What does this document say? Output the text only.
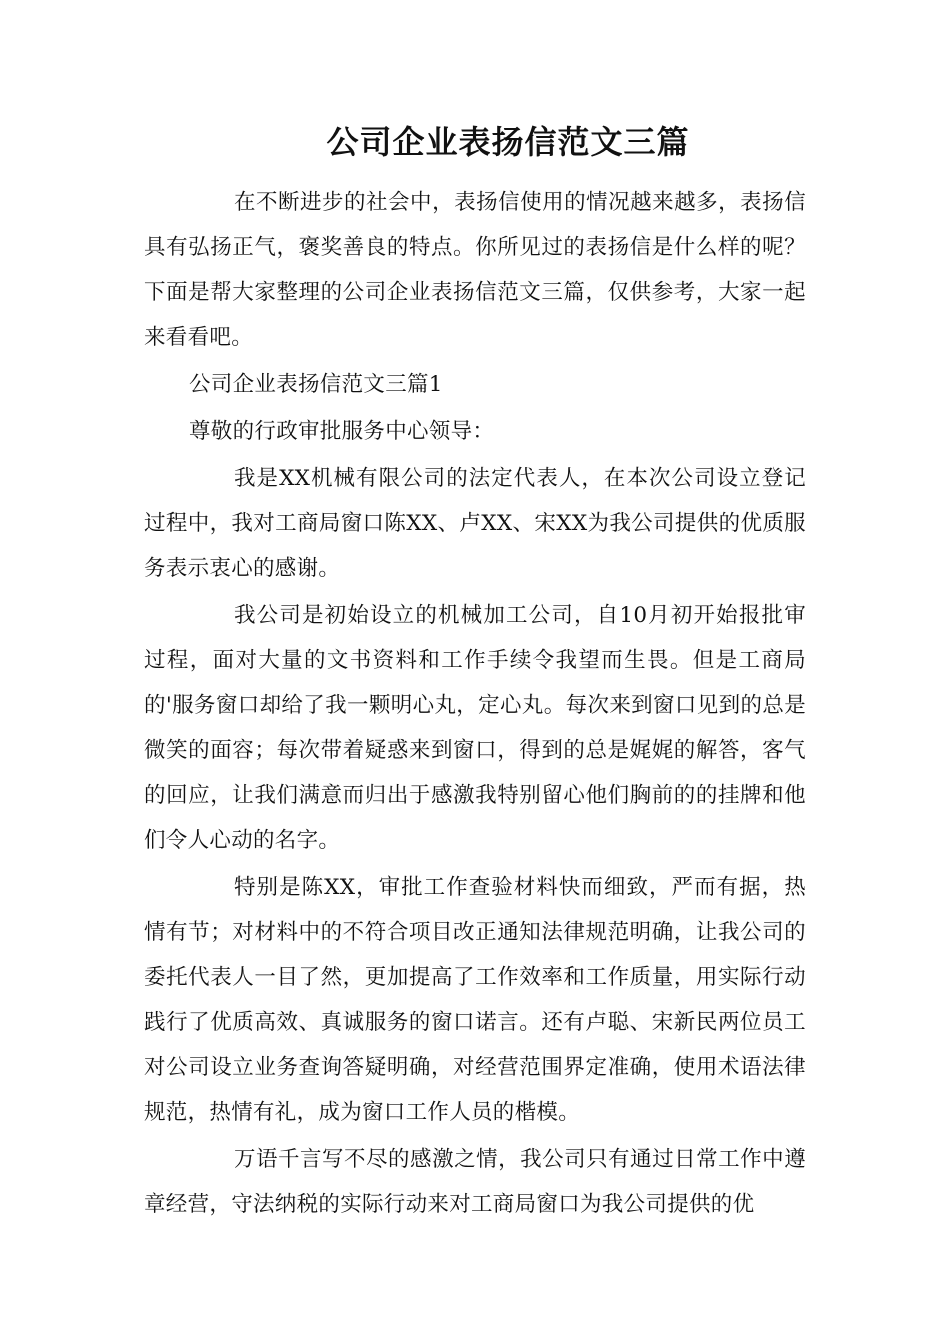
公司企业表扬信范文三篇

在不断进步的社会中，表扬信使用的情况越来越多，表扬信具有弘扬正气，褒奖善良的特点。你所见过的表扬信是什么样的呢？下面是帮大家整理的公司企业表扬信范文三篇，仅供参考，大家一起来看看吧。

公司企业表扬信范文三篇1

尊敬的行政审批服务中心领导：

我是XX机械有限公司的法定代表人，在本次公司设立登记过程中，我对工商局窗口陈XX、卢XX、宋XX为我公司提供的优质服务表示衷心的感谢。

我公司是初始设立的机械加工公司，自10月初开始报批审过程，面对大量的文书资料和工作手续令我望而生畏。但是工商局的'服务窗口却给了我一颗明心丸，定心丸。每次来到窗口见到的总是微笑的面容；每次带着疑惑来到窗口，得到的总是娓娓的解答，客气的回应，让我们满意而归出于感激我特别留心他们胸前的的挂牌和他们令人心动的名字。

特别是陈XX，审批工作查验材料快而细致，严而有据，热情有节；对材料中的不符合项目改正通知法律规范明确，让我公司的委托代表人一目了然，更加提高了工作效率和工作质量，用实际行动践行了优质高效、真诚服务的窗口诺言。还有卢聪、宋新民两位员工对公司设立业务查询答疑明确，对经营范围界定准确，使用术语法律规范，热情有礼，成为窗口工作人员的楷模。

万语千言写不尽的感激之情，我公司只有通过日常工作中遵章经营，守法纳税的实际行动来对工商局窗口为我公司提供的优
